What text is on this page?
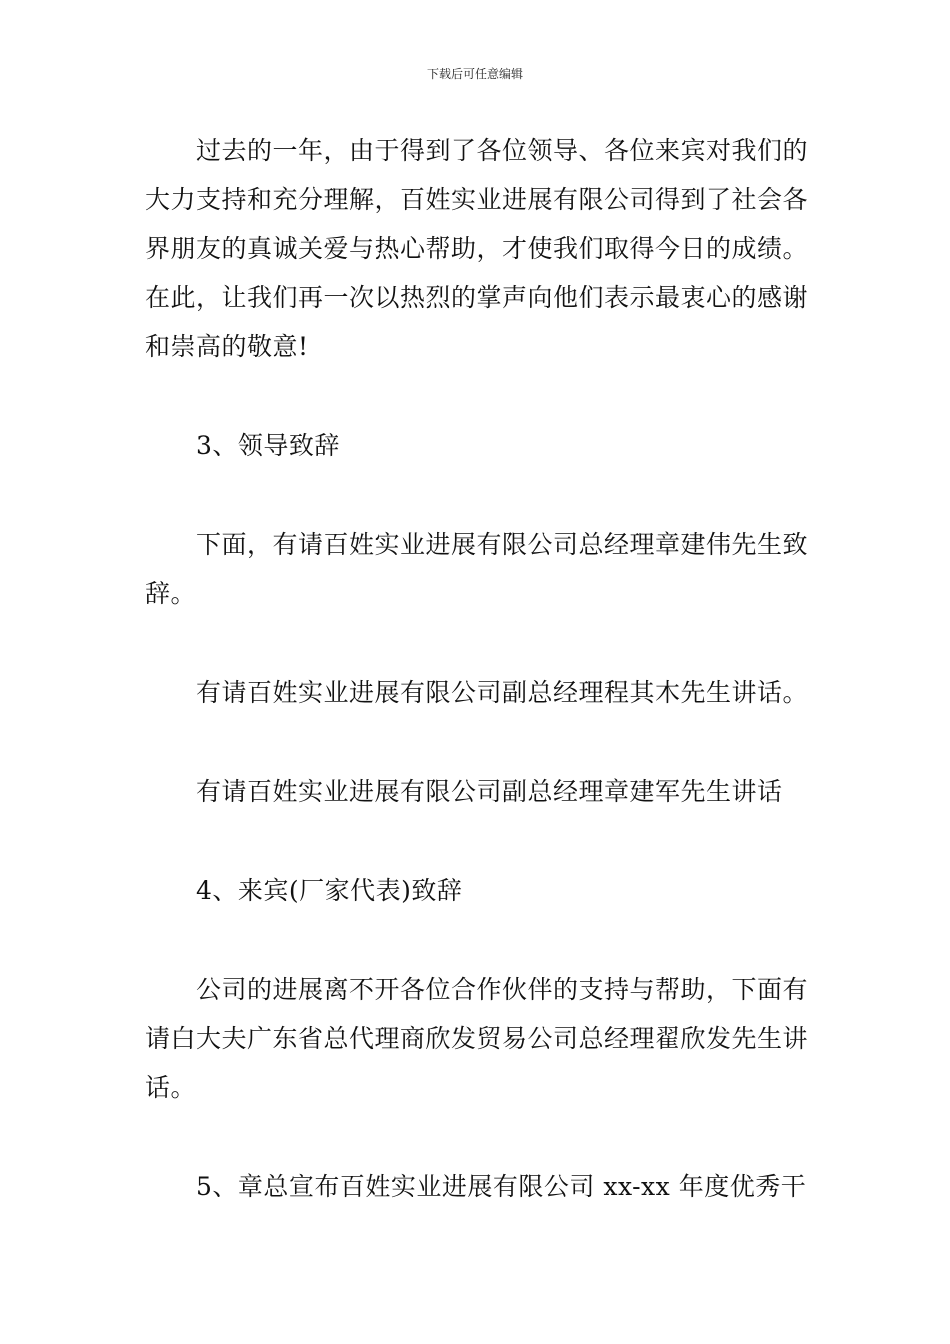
下载后可任意编辑

过去的一年，由于得到了各位领导、各位来宾对我们的大力支持和充分理解，百姓实业进展有限公司得到了社会各界朋友的真诚关爱与热心帮助，才使我们取得今日的成绩。在此，让我们再一次以热烈的掌声向他们表示最衷心的感谢和崇高的敬意!

3、领导致辞

下面，有请百姓实业进展有限公司总经理章建伟先生致辞。

有请百姓实业进展有限公司副总经理程其木先生讲话。

有请百姓实业进展有限公司副总经理章建军先生讲话

4、来宾(厂家代表)致辞

公司的进展离不开各位合作伙伴的支持与帮助，下面有请白大夫广东省总代理商欣发贸易公司总经理翟欣发先生讲话。

5、章总宣布百姓实业进展有限公司 xx-xx 年度优秀干
